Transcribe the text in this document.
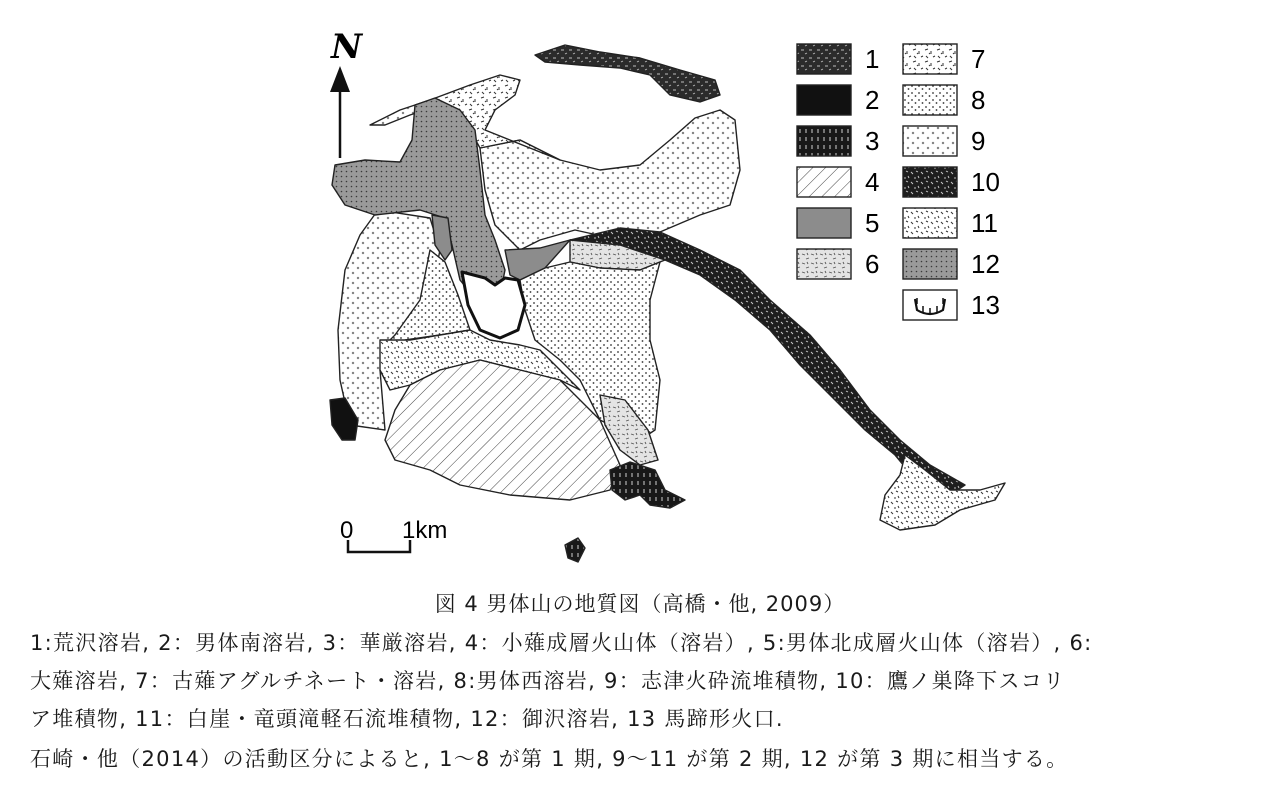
N
0 1km
1
2
3
4
5
6
7
8
9
10
11
12
13
図 4 男体山の地質図（高橋・他, 2009）
1:荒沢溶岩, 2：男体南溶岩, 3：華厳溶岩, 4：小薙成層火山体（溶岩）, 5:男体北成層火山体（溶岩）, 6:
大薙溶岩, 7：古薙アグルチネート・溶岩, 8:男体西溶岩, 9：志津火砕流堆積物, 10：鷹ノ巣降下スコリ
ア堆積物, 11：白崖・竜頭滝軽石流堆積物, 12：御沢溶岩, 13 馬蹄形火口.
石崎・他（2014）の活動区分によると, 1～8 が第 1 期, 9～11 が第 2 期, 12 が第 3 期に相当する。
